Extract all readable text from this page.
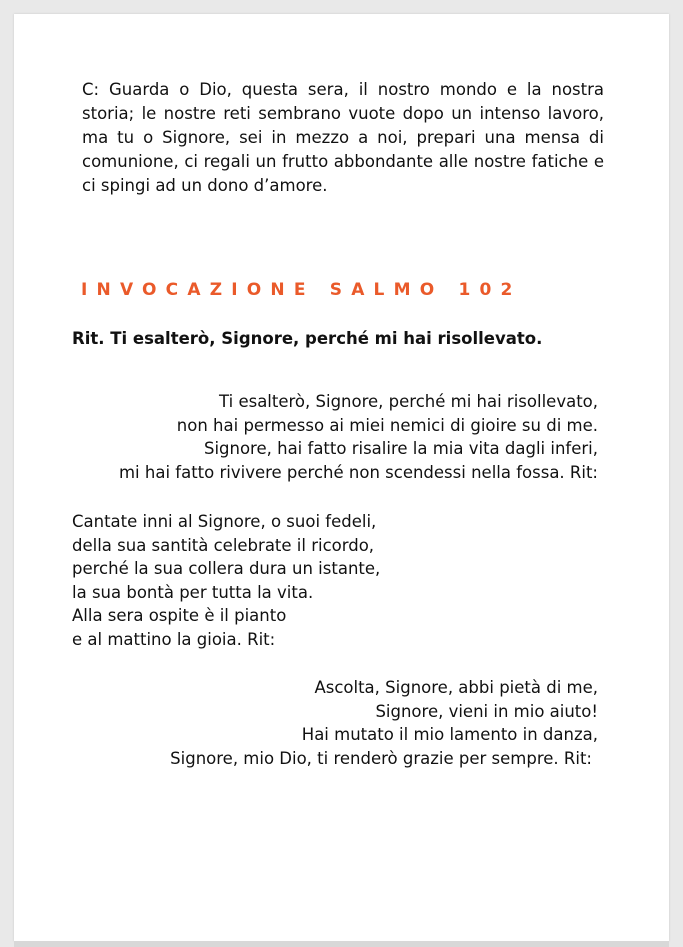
C: Guarda o Dio, questa sera, il nostro mondo e la nostra storia; le nostre reti sembrano vuote dopo un intenso lavoro, ma tu o Signore, sei in mezzo a noi, prepari una mensa di comunione, ci regali un frutto abbondante alle nostre fatiche e ci spingi ad un dono d’amore.

INVOCAZIONE SALMO 102
Rit. Ti esalterò, Signore, perché mi hai risollevato.
Ti esalterò, Signore, perché mi hai risollevato,
non hai permesso ai miei nemici di gioire su di me.
Signore, hai fatto risalire la mia vita dagli inferi,
mi hai fatto rivivere perché non scendessi nella fossa. Rit:
Cantate inni al Signore, o suoi fedeli,
della sua santità celebrate il ricordo,
perché la sua collera dura un istante,
la sua bontà per tutta la vita.
Alla sera ospite è il pianto
e al mattino la gioia. Rit:
Ascolta, Signore, abbi pietà di me,
Signore, vieni in mio aiuto!
Hai mutato il mio lamento in danza,
Signore, mio Dio, ti renderò grazie per sempre. Rit:
